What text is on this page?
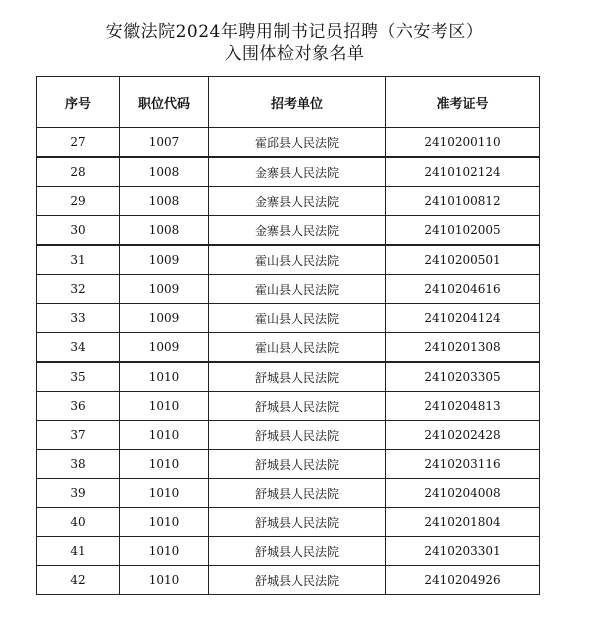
安徽法院2024年聘用制书记员招聘（六安考区）
入围体检对象名单
序号	职位代码	招考单位	准考证号
27	1007	霍邱县人民法院	2410200110
28	1008	金寨县人民法院	2410102124
29	1008	金寨县人民法院	2410100812
30	1008	金寨县人民法院	2410102005
31	1009	霍山县人民法院	2410200501
32	1009	霍山县人民法院	2410204616
33	1009	霍山县人民法院	2410204124
34	1009	霍山县人民法院	2410201308
35	1010	舒城县人民法院	2410203305
36	1010	舒城县人民法院	2410204813
37	1010	舒城县人民法院	2410202428
38	1010	舒城县人民法院	2410203116
39	1010	舒城县人民法院	2410204008
40	1010	舒城县人民法院	2410201804
41	1010	舒城县人民法院	2410203301
42	1010	舒城县人民法院	2410204926
